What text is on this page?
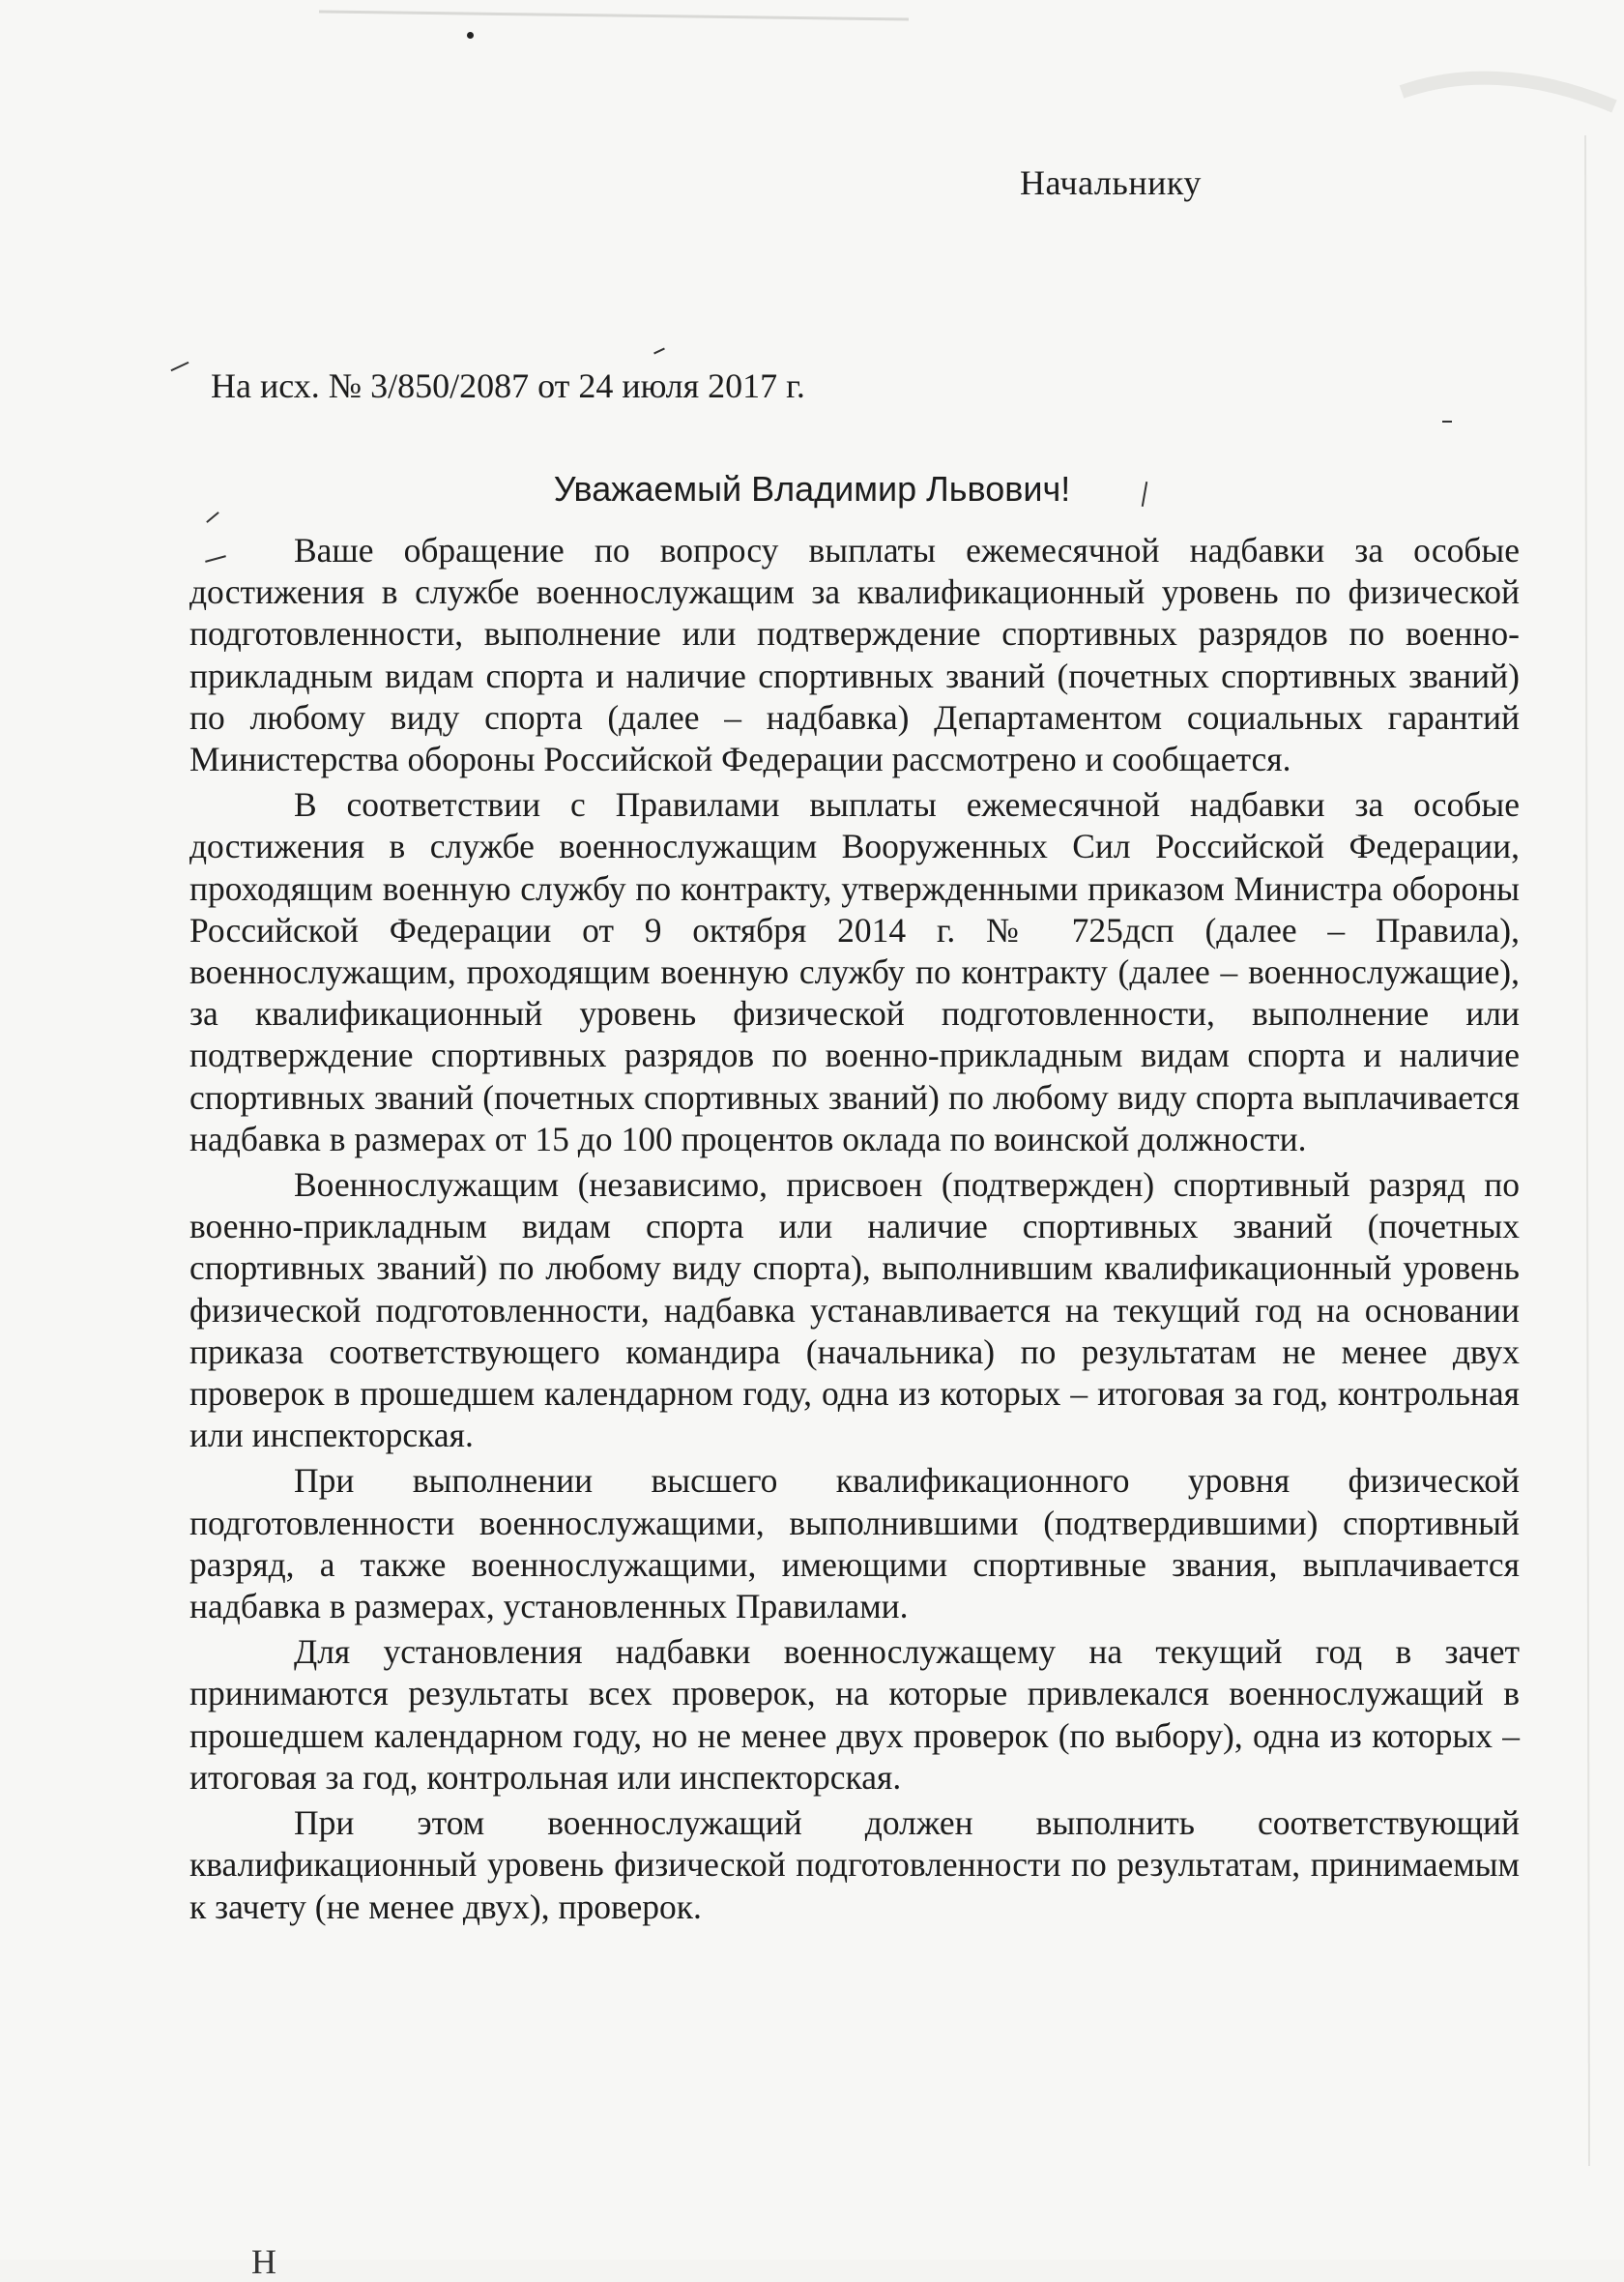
Начальнику
На исх. № 3/850/2087 от 24 июля 2017 г.
Уважаемый Владимир Львович!

Ваше обращение по вопросу выплаты ежемесячной надбавки за особые достижения в службе военнослужащим за квалификационный уровень по физической подготовленности, выполнение или подтверждение спортивных разрядов по военно-прикладным видам спорта и наличие спортивных званий (почетных спортивных званий) по любому виду спорта (далее – надбавка) Департаментом социальных гарантий Министерства обороны Российской Федерации рассмотрено и сообщается.

В соответствии с Правилами выплаты ежемесячной надбавки за особые достижения в службе военнослужащим Вооруженных Сил Российской Федерации, проходящим военную службу по контракту, утвержденными приказом Министра обороны Российской Федерации от 9 октября 2014 г. № 725дсп (далее – Правила), военнослужащим, проходящим военную службу по контракту (далее – военнослужащие), за квалификационный уровень физической подготовленности, выполнение или подтверждение спортивных разрядов по военно-прикладным видам спорта и наличие спортивных званий (почетных спортивных званий) по любому виду спорта выплачивается надбавка в размерах от 15 до 100 процентов оклада по воинской должности.

Военнослужащим (независимо, присвоен (подтвержден) спортивный разряд по военно-прикладным видам спорта или наличие спортивных званий (почетных спортивных званий) по любому виду спорта), выполнившим квалификационный уровень физической подготовленности, надбавка устанавливается на текущий год на основании приказа соответствующего командира (начальника) по результатам не менее двух проверок в прошедшем календарном году, одна из которых – итоговая за год, контрольная или инспекторская.

При выполнении высшего квалификационного уровня физической подготовленности военнослужащими, выполнившими (подтвердившими) спортивный разряд, а также военнослужащими, имеющими спортивные звания, выплачивается надбавка в размерах, установленных Правилами.

Для установления надбавки военнослужащему на текущий год в зачет принимаются результаты всех проверок, на которые привлекался военнослужащий в прошедшем календарном году, но не менее двух проверок (по выбору), одна из которых – итоговая за год, контрольная или инспекторская.

При этом военнослужащий должен выполнить соответствующий квалификационный уровень физической подготовленности по результатам, принимаемым к зачету (не менее двух), проверок.

Н
